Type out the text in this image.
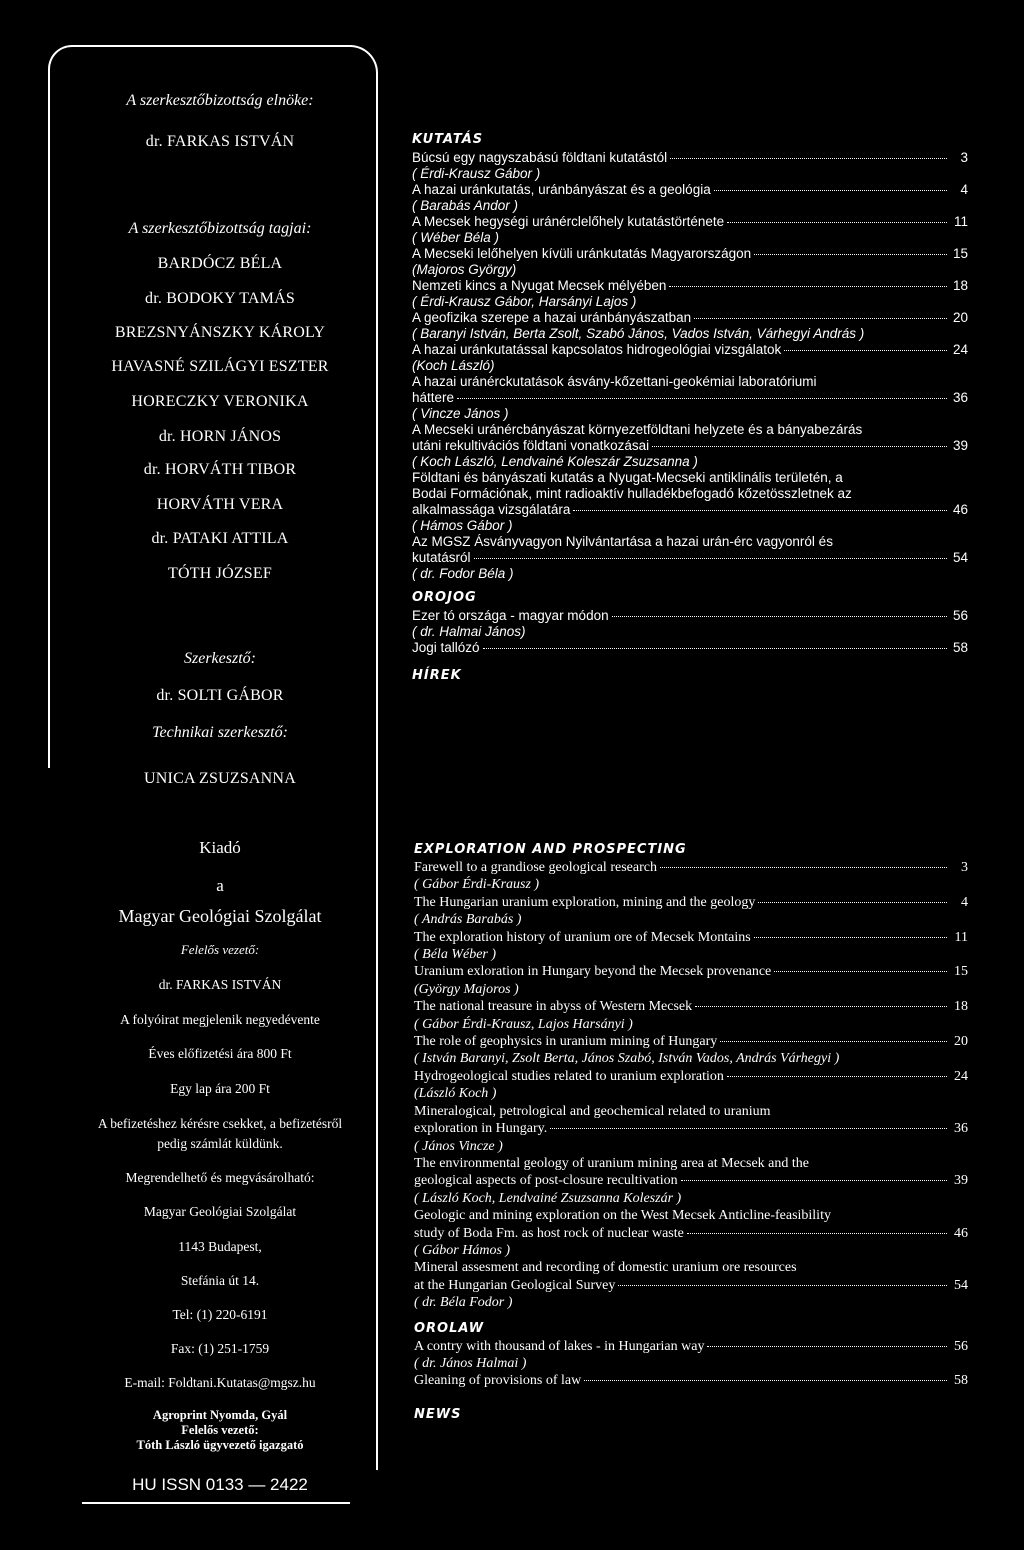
A szerkesztőbizottság elnöke:

dr. FARKAS ISTVÁN

A szerkesztőbizottság tagjai:

BARDÓCZ BÉLA

dr. BODOKY TAMÁS

BREZSNYÁNSZKY KÁROLY

HAVASNÉ SZILÁGYI ESZTER

HORECZKY VERONIKA

dr. HORN JÁNOS

dr. HORVÁTH TIBOR

HORVÁTH VERA

dr. PATAKI ATTILA

TÓTH JÓZSEF

Szerkesztő:

dr. SOLTI GÁBOR

Technikai szerkesztő:

UNICA ZSUZSANNA

Kiadó
a
Magyar Geológiai Szolgálat
Felelős vezető:
dr. FARKAS ISTVÁN
A folyóirat megjelenik negyedévente
Éves előfizetési ára 800 Ft
Egy lap ára 200 Ft
A befizetéshez kérésre csekket, a befizetésről
pedig számlát küldünk.
Megrendelhető és megvásárolható:
Magyar Geológiai Szolgálat
1143 Budapest,
Stefánia út 14.
Tel: (1) 220-6191
Fax: (1) 251-1759
E-mail: Foldtani.Kutatas@mgsz.hu
Agroprint Nyomda, Gyál
Felelős vezető:
Tóth László ügyvezető igazgató
HU ISSN 0133 — 2422
KUTATÁS
Búcsú egy nagyszabású földtani kutatástól	3
( Érdi-Krausz Gábor )
A hazai uránkutatás, uránbányászat és a geológia	4
( Barabás Andor )
A Mecsek hegységi uránérclelőhely kutatástörténete	11
( Wéber Béla )
A Mecseki lelőhelyen kívüli uránkutatás Magyarországon	15
(Majoros György)
Nemzeti kincs a Nyugat Mecsek mélyében	18
( Érdi-Krausz Gábor, Harsányi Lajos )
A geofizika szerepe a hazai uránbányászatban	20
( Baranyi István, Berta Zsolt, Szabó János, Vados István, Várhegyi András )
A hazai uránkutatással kapcsolatos hidrogeológiai vizsgálatok	24
(Koch László)
A hazai uránérckutatások ásvány-kőzettani-geokémiai laboratóriumi
háttere	36
( Vincze János )
A Mecseki uránércbányászat környezetföldtani helyzete és a bányabezárás
utáni rekultivációs földtani vonatkozásai	39
( Koch László, Lendvainé Koleszár Zsuzsanna )
Földtani és bányászati kutatás a Nyugat-Mecseki antiklinális területén, a
Bodai Formációnak, mint radioaktív hulladékbefogadó kőzetösszletnek az
alkalmassága vizsgálatára	46
( Hámos Gábor )
Az MGSZ Ásványvagyon Nyilvántartása a hazai urán-érc vagyonról és
kutatásról	54
( dr. Fodor Béla )
OROJOG
Ezer tó országa - magyar módon	56
( dr. Halmai János)
Jogi tallózó	58
HÍREK
EXPLORATION AND PROSPECTING
Farewell to a grandiose geological research	3
( Gábor Érdi-Krausz )
The Hungarian uranium exploration, mining and the geology	4
( András Barabás )
The exploration history of uranium ore of Mecsek Montains	11
( Béla Wéber )
Uranium exloration in Hungary beyond the Mecsek provenance	15
(György Majoros )
The national treasure in abyss of Western Mecsek	18
( Gábor Érdi-Krausz, Lajos Harsányi )
The role of geophysics in uranium mining of Hungary	20
( István Baranyi, Zsolt Berta, János Szabó, István Vados, András Várhegyi )
Hydrogeological studies related to uranium exploration	24
(László Koch )
Mineralogical, petrological and geochemical related to uranium
exploration in Hungary.	36
( János Vincze )
The environmental geology of uranium mining area at Mecsek and the
geological aspects of post-closure recultivation	39
( László Koch, Lendvainé Zsuzsanna Koleszár )
Geologic and mining exploration on the West Mecsek Anticline-feasibility
study of Boda Fm. as host rock of nuclear waste	46
( Gábor Hámos )
Mineral assesment and recording of domestic uranium ore resources
at the Hungarian Geological Survey	54
( dr. Béla Fodor )
OROLAW
A contry with thousand of lakes - in Hungarian way	56
( dr. János Halmai )
Gleaning of provisions of law	58
NEWS
